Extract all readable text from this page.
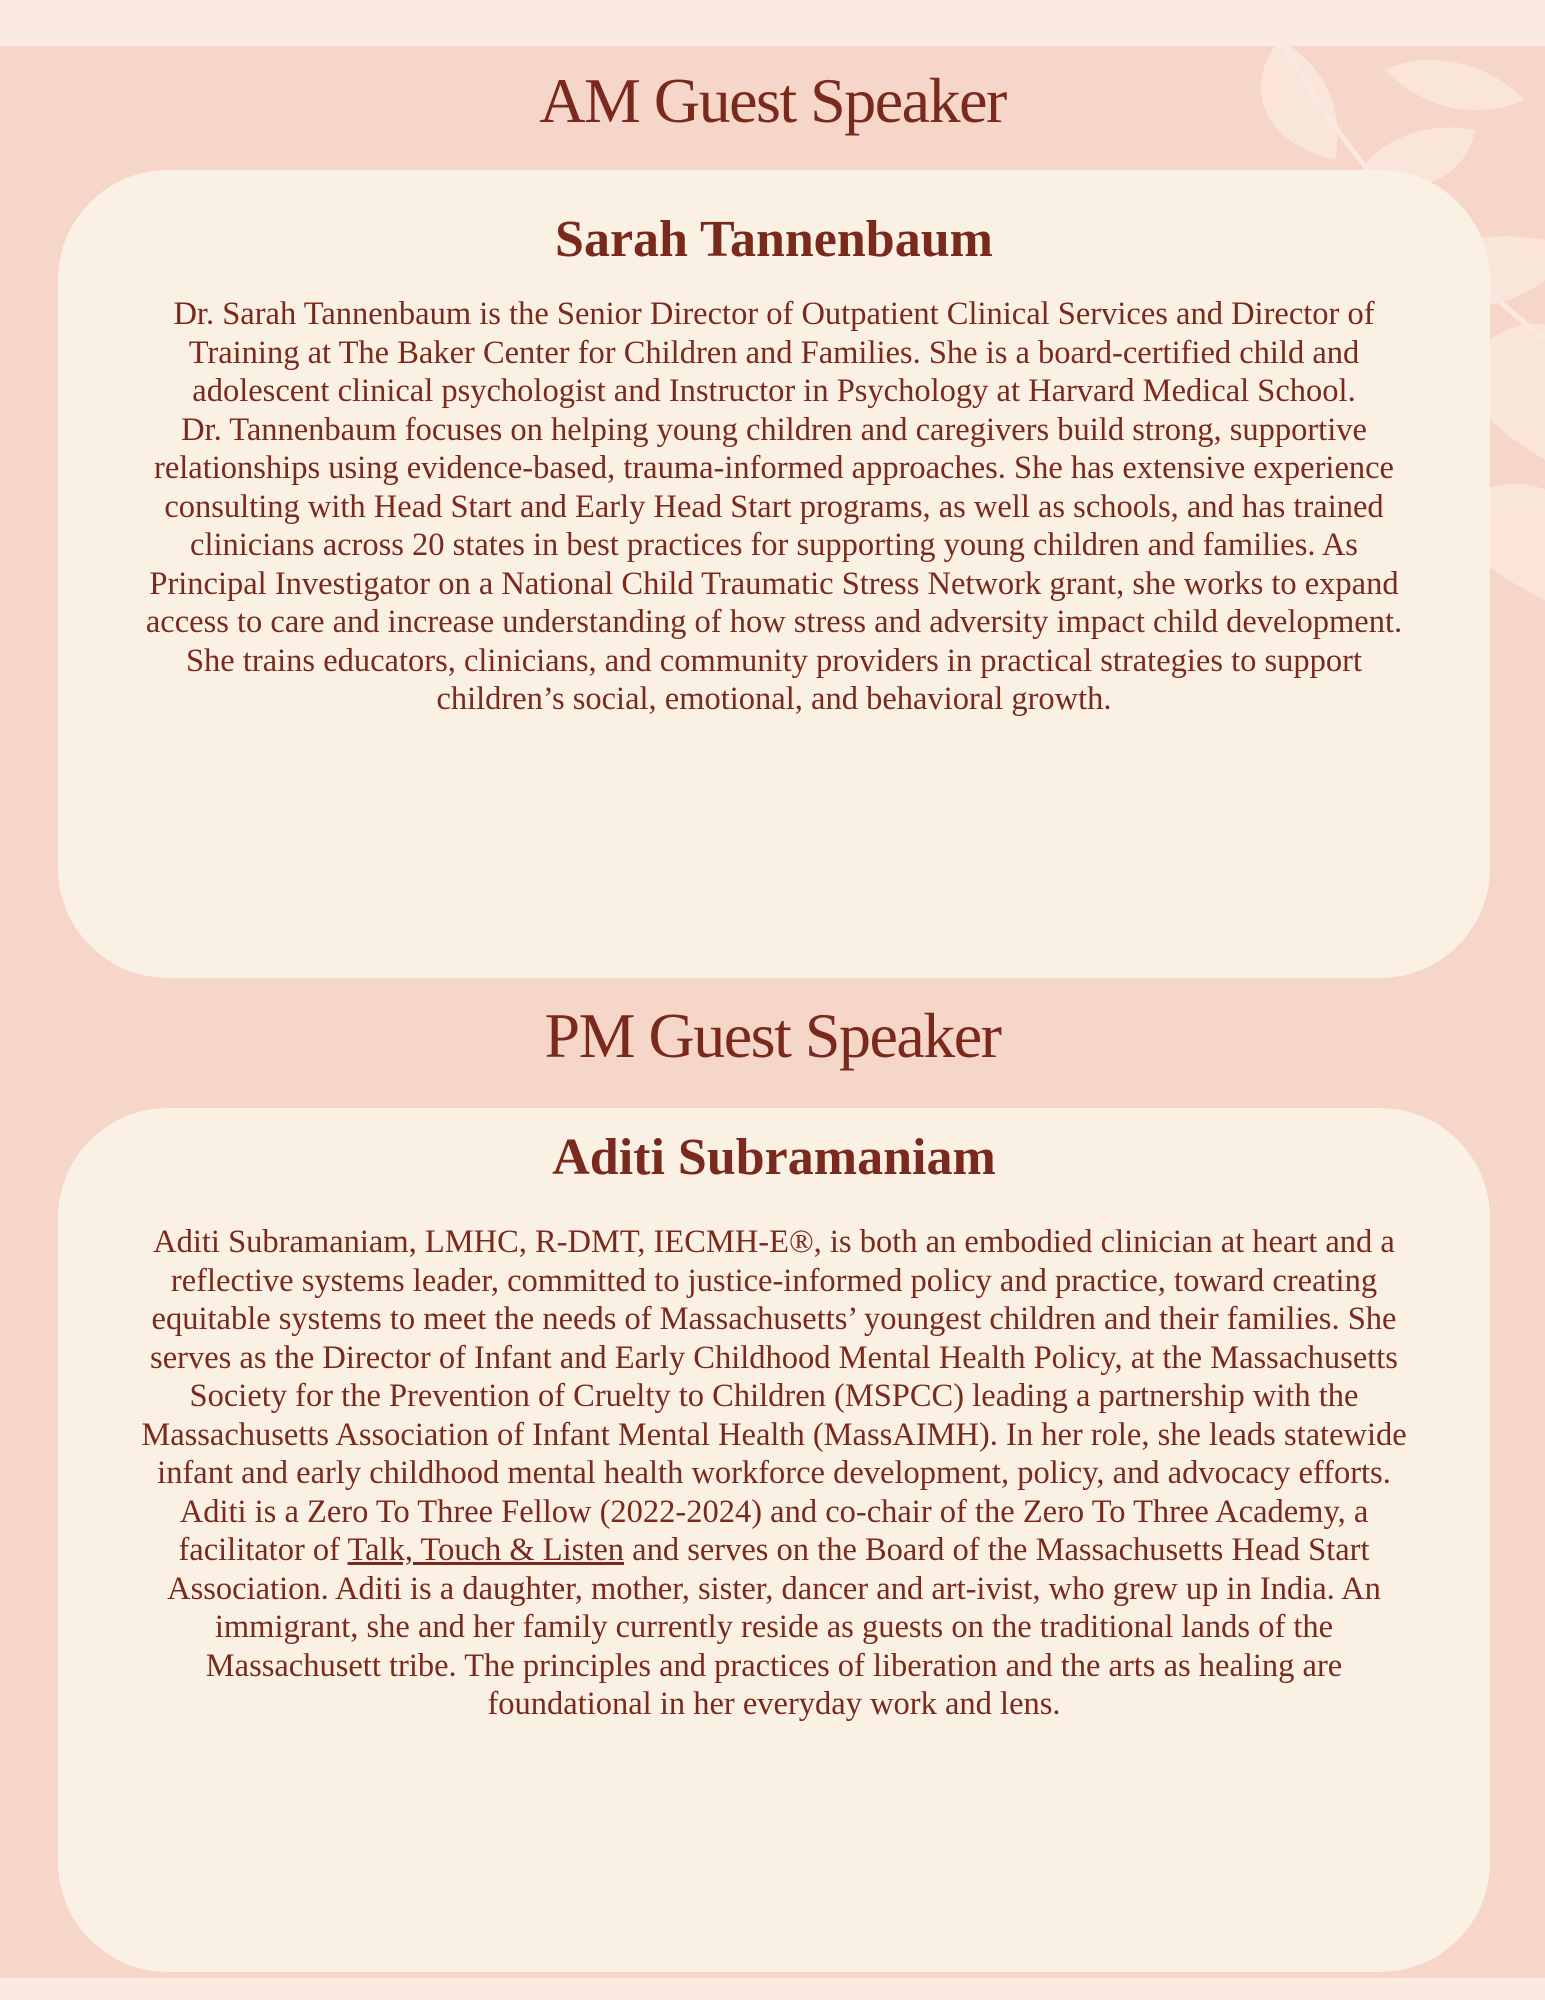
AM Guest Speaker
Sarah Tannenbaum

Dr. Sarah Tannenbaum is the Senior Director of Outpatient Clinical Services and Director of Training at The Baker Center for Children and Families. She is a board-certified child and adolescent clinical psychologist and Instructor in Psychology at Harvard Medical School.

Dr. Tannenbaum focuses on helping young children and caregivers build strong, supportive relationships using evidence-based, trauma-informed approaches. She has extensive experience consulting with Head Start and Early Head Start programs, as well as schools, and has trained clinicians across 20 states in best practices for supporting young children and families. As Principal Investigator on a National Child Traumatic Stress Network grant, she works to expand access to care and increase understanding of how stress and adversity impact child development. She trains educators, clinicians, and community providers in practical strategies to support children’s social, emotional, and behavioral growth.

PM Guest Speaker
Aditi Subramaniam

Aditi Subramaniam, LMHC, R-DMT, IECMH-E®, is both an embodied clinician at heart and a reflective systems leader, committed to justice-informed policy and practice, toward creating equitable systems to meet the needs of Massachusetts’ youngest children and their families. She serves as the Director of Infant and Early Childhood Mental Health Policy, at the Massachusetts Society for the Prevention of Cruelty to Children (MSPCC) leading a partnership with the Massachusetts Association of Infant Mental Health (MassAIMH). In her role, she leads statewide infant and early childhood mental health workforce development, policy, and advocacy efforts. Aditi is a Zero To Three Fellow (2022-2024) and co-chair of the Zero To Three Academy, a facilitator of Talk, Touch & Listen and serves on the Board of the Massachusetts Head Start Association. Aditi is a daughter, mother, sister, dancer and art-ivist, who grew up in India. An immigrant, she and her family currently reside as guests on the traditional lands of the Massachusett tribe. The principles and practices of liberation and the arts as healing are foundational in her everyday work and lens.
